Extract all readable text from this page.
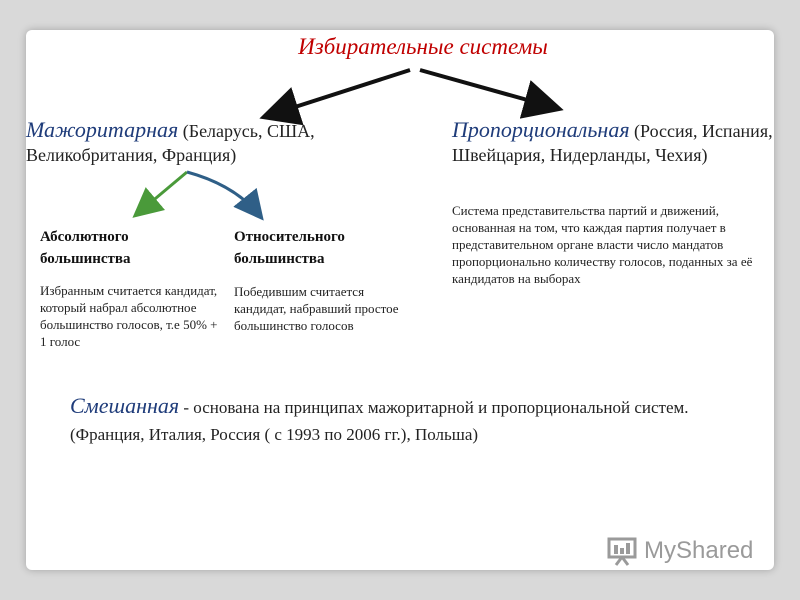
Избирательные системы
Мажоритарная (Беларусь, США, Великобритания, Франция)
Пропорциональная (Россия, Испания, Швейцария, Нидерланды, Чехия)
Система представительства партий и движений, основанная на том, что каждая партия получает в представительном органе власти число мандатов пропорционально количеству голосов, поданных за её кандидатов на выборах
Абсолютного большинства
Избранным считается кандидат, который набрал абсолютное большинство голосов, т.е 50% + 1 голос
Относительного большинства
Победившим считается кандидат, набравший простое большинство голосов
Смешанная - основана на принципах мажоритарной и пропорциональной систем. (Франция, Италия, Россия ( с 1993 по 2006 гг.), Польша)
MyShared
